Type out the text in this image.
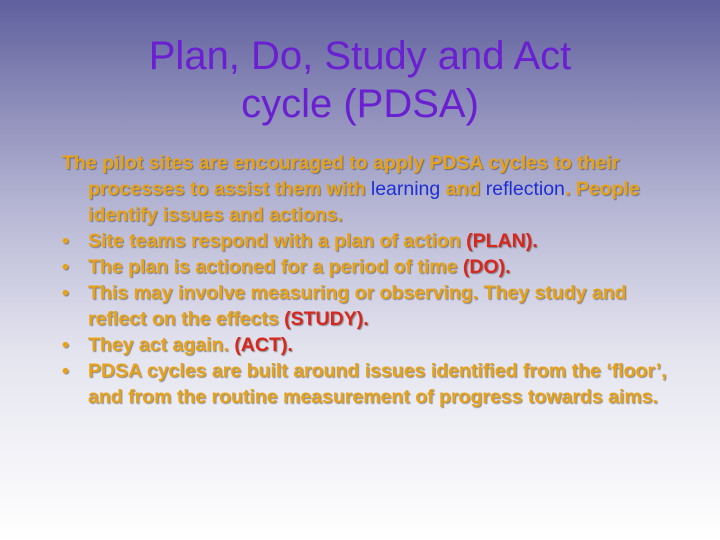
Plan, Do, Study and Act
cycle (PDSA)
The pilot sites are encouraged to apply PDSA cycles to their processes to assist them with learning and reflection. People identify issues and actions.
• Site teams respond with a plan of action (PLAN).
• The plan is actioned for a period of time (DO).
• This may involve measuring or observing. They study and reflect on the effects (STUDY).
• They act again. (ACT).
• PDSA cycles are built around issues identified from the ‘floor’, and from the routine measurement of progress towards aims.
